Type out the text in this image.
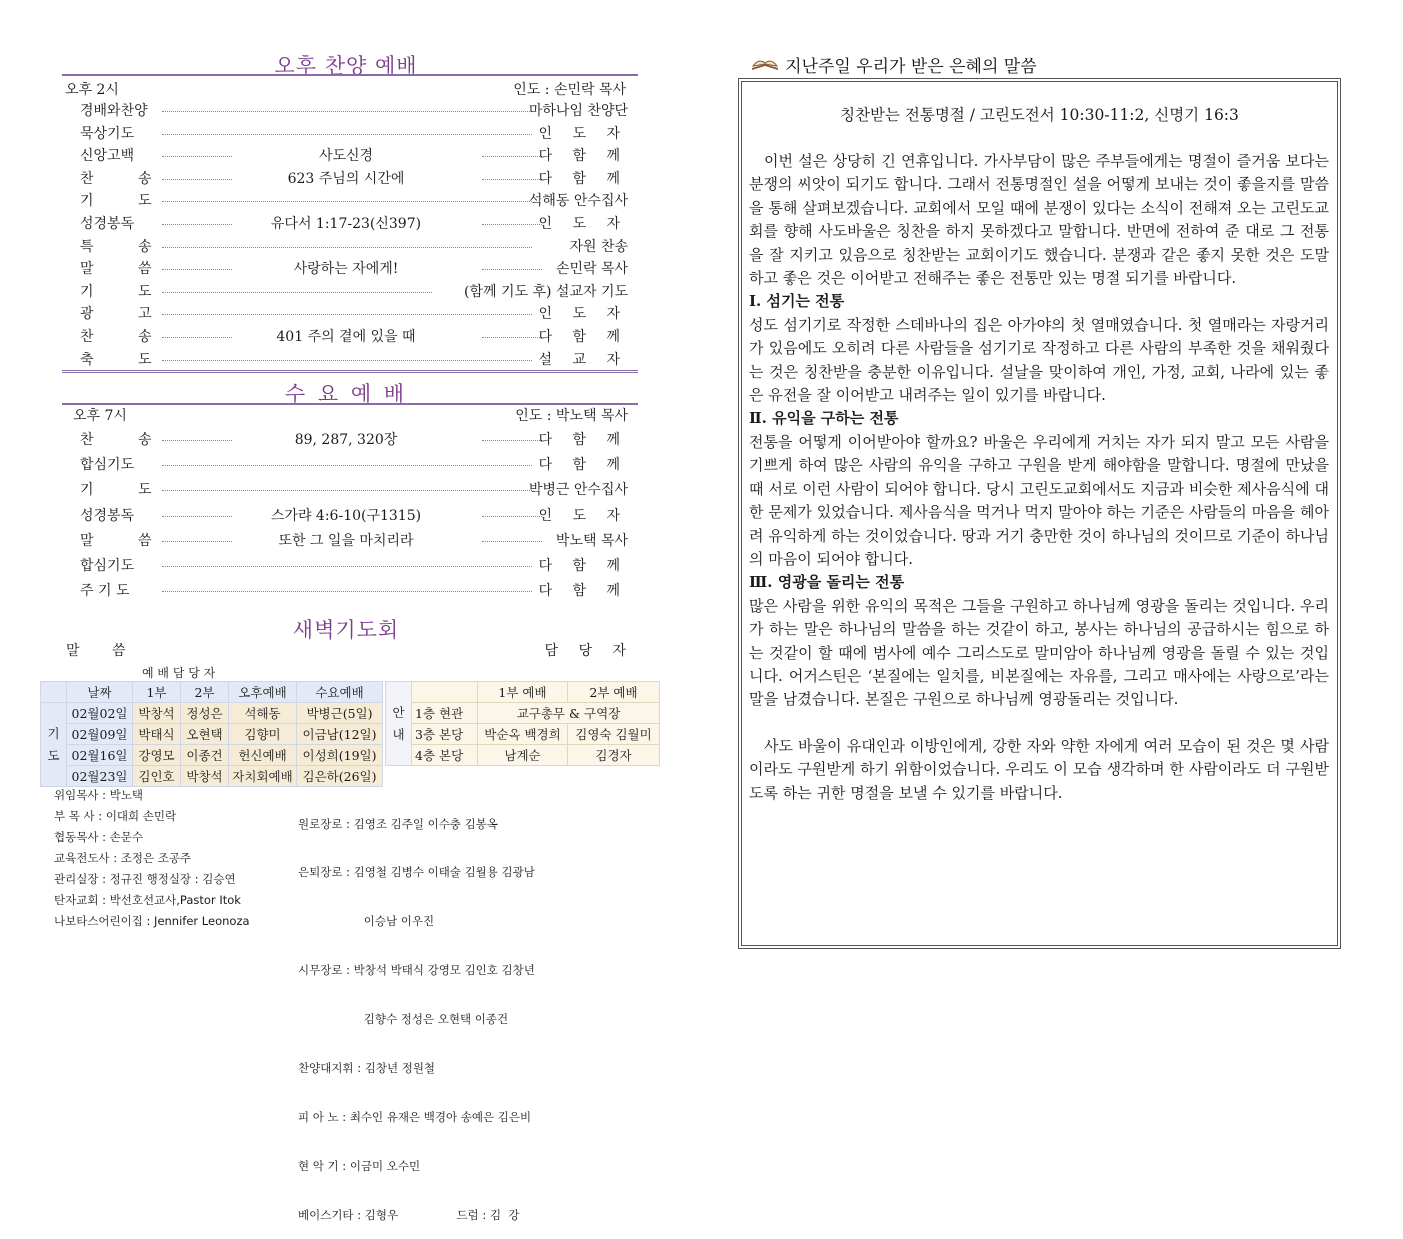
오후 찬양 예배
오후 2시	인도 : 손민락 목사
경배와찬양	마하나임 찬양단
묵상기도	인 도 자
신앙고백	사도신경	다 함 께
찬 송	623 주님의 시간에	다 함 께
기 도	석해동 안수집사
성경봉독	유다서 1:17-23(신397)	인 도 자
특 송	자원 찬송
말 씀	사랑하는 자에게!	손민락 목사
기 도	(함께 기도 후) 설교자 기도
광 고	인 도 자
찬 송	401 주의 곁에 있을 때	다 함 께
축 도	설 교 자
수 요 예 배
오후 7시	인도 : 박노택 목사
찬 송	89, 287, 320장	다 함 께
합심기도	다 함 께
기 도	박병근 안수집사
성경봉독	스가랴 4:6-10(구1315)	인 도 자
말 씀	또한 그 일을 마치리라	박노택 목사
합심기도	다 함 께
주 기 도	다 함 께
새벽기도회
말 씀	담 당 자
예 배 담 당 자
	날짜	1부	2부	오후예배	수요예배

기
도	02월02일	박창석	정성은	석해동	박병근(5일)
	02월09일	박태식	오현택	김향미	이금남(12일)
	02월16일	강영모	이종건	헌신예배	이성희(19일)
	02월23일	김인호	박창석	자치회예배	김은하(26일)
안
내		1부 예배	2부 예배
	1층 현관	교구총무 & 구역장	
	3층 본당	박순옥 백경희	김영숙 김월미
	4층 본당	남계순	김경자
위임목사 : 박노택
부 목 사 : 이대희 손민락
협동목사 : 손문수
교육전도사 : 조정은 조공주
관리실장 : 정규진 행정실장 : 김승연
탄자교회 : 박선호선교사,Pastor Itok
나보타스어린이집 : Jennifer Leonoza

원로장로 : 김영조 김주일 이수충 김봉옥

은퇴장로 : 김영철 김병수 이태술 김월용 김광남

이승남 이우진

시무장로 : 박창석 박태식 강영모 김인호 김창년

김향수 정성은 오현택 이종건

찬양대지휘 : 김창년 정원철

피 아 노 : 최수인 유재은 백경아 송예은 김은비

현 악 기 : 이금미 오수민

베이스기타 : 김형우                드럼 : 김  강

지난주일 우리가 받은 은혜의 말씀
칭찬받는 전통명절 / 고린도전서 10:30-11:2, 신명기 16:3

이번 설은 상당히 긴 연휴입니다. 가사부담이 많은 주부들에게는 명절이 즐거움 보다는 분쟁의 씨앗이 되기도 합니다. 그래서 전통명절인 설을 어떻게 보내는 것이 좋을지를 말씀을 통해 살펴보겠습니다. 교회에서 모일 때에 분쟁이 있다는 소식이 전해져 오는 고린도교회를 향해 사도바울은 칭찬을 하지 못하겠다고 말합니다. 반면에 전하여 준 대로 그 전통을 잘 지키고 있음으로 칭찬받는 교회이기도 했습니다. 분쟁과 같은 좋지 못한 것은 도말하고 좋은 것은 이어받고 전해주는 좋은 전통만 있는 명절 되기를 바랍니다.

Ⅰ. 섬기는 전통

성도 섬기기로 작정한 스데바나의 집은 아가야의 첫 열매였습니다. 첫 열매라는 자랑거리가 있음에도 오히려 다른 사람들을 섬기기로 작정하고 다른 사람의 부족한 것을 채워줬다는 것은 칭찬받을 충분한 이유입니다. 설날을 맞이하여 개인, 가정, 교회, 나라에 있는 좋은 유전을 잘 이어받고 내려주는 일이 있기를 바랍니다.

Ⅱ. 유익을 구하는 전통

전통을 어떻게 이어받아야 할까요? 바울은 우리에게 거치는 자가 되지 말고 모든 사람을 기쁘게 하여 많은 사람의 유익을 구하고 구원을 받게 해야함을 말합니다. 명절에 만났을 때 서로 이런 사람이 되어야 합니다. 당시 고린도교회에서도 지금과 비슷한 제사음식에 대한 문제가 있었습니다. 제사음식을 먹거나 먹지 말아야 하는 기준은 사람들의 마음을 헤아려 유익하게 하는 것이었습니다. 땅과 거기 충만한 것이 하나님의 것이므로 기준이 하나님의 마음이 되어야 합니다.

Ⅲ. 영광을 돌리는 전통

많은 사람을 위한 유익의 목적은 그들을 구원하고 하나님께 영광을 돌리는 것입니다. 우리가 하는 말은 하나님의 말씀을 하는 것같이 하고, 봉사는 하나님의 공급하시는 힘으로 하는 것같이 할 때에 범사에 예수 그리스도로 말미암아 하나님께 영광을 돌릴 수 있는 것입니다. 어거스틴은 ‘본질에는 일치를, 비본질에는 자유를, 그리고 매사에는 사랑으로’라는 말을 남겼습니다. 본질은 구원으로 하나님께 영광돌리는 것입니다.

사도 바울이 유대인과 이방인에게, 강한 자와 약한 자에게 여러 모습이 된 것은 몇 사람이라도 구원받게 하기 위함이었습니다. 우리도 이 모습 생각하며 한 사람이라도 더 구원받도록 하는 귀한 명절을 보낼 수 있기를 바랍니다.
